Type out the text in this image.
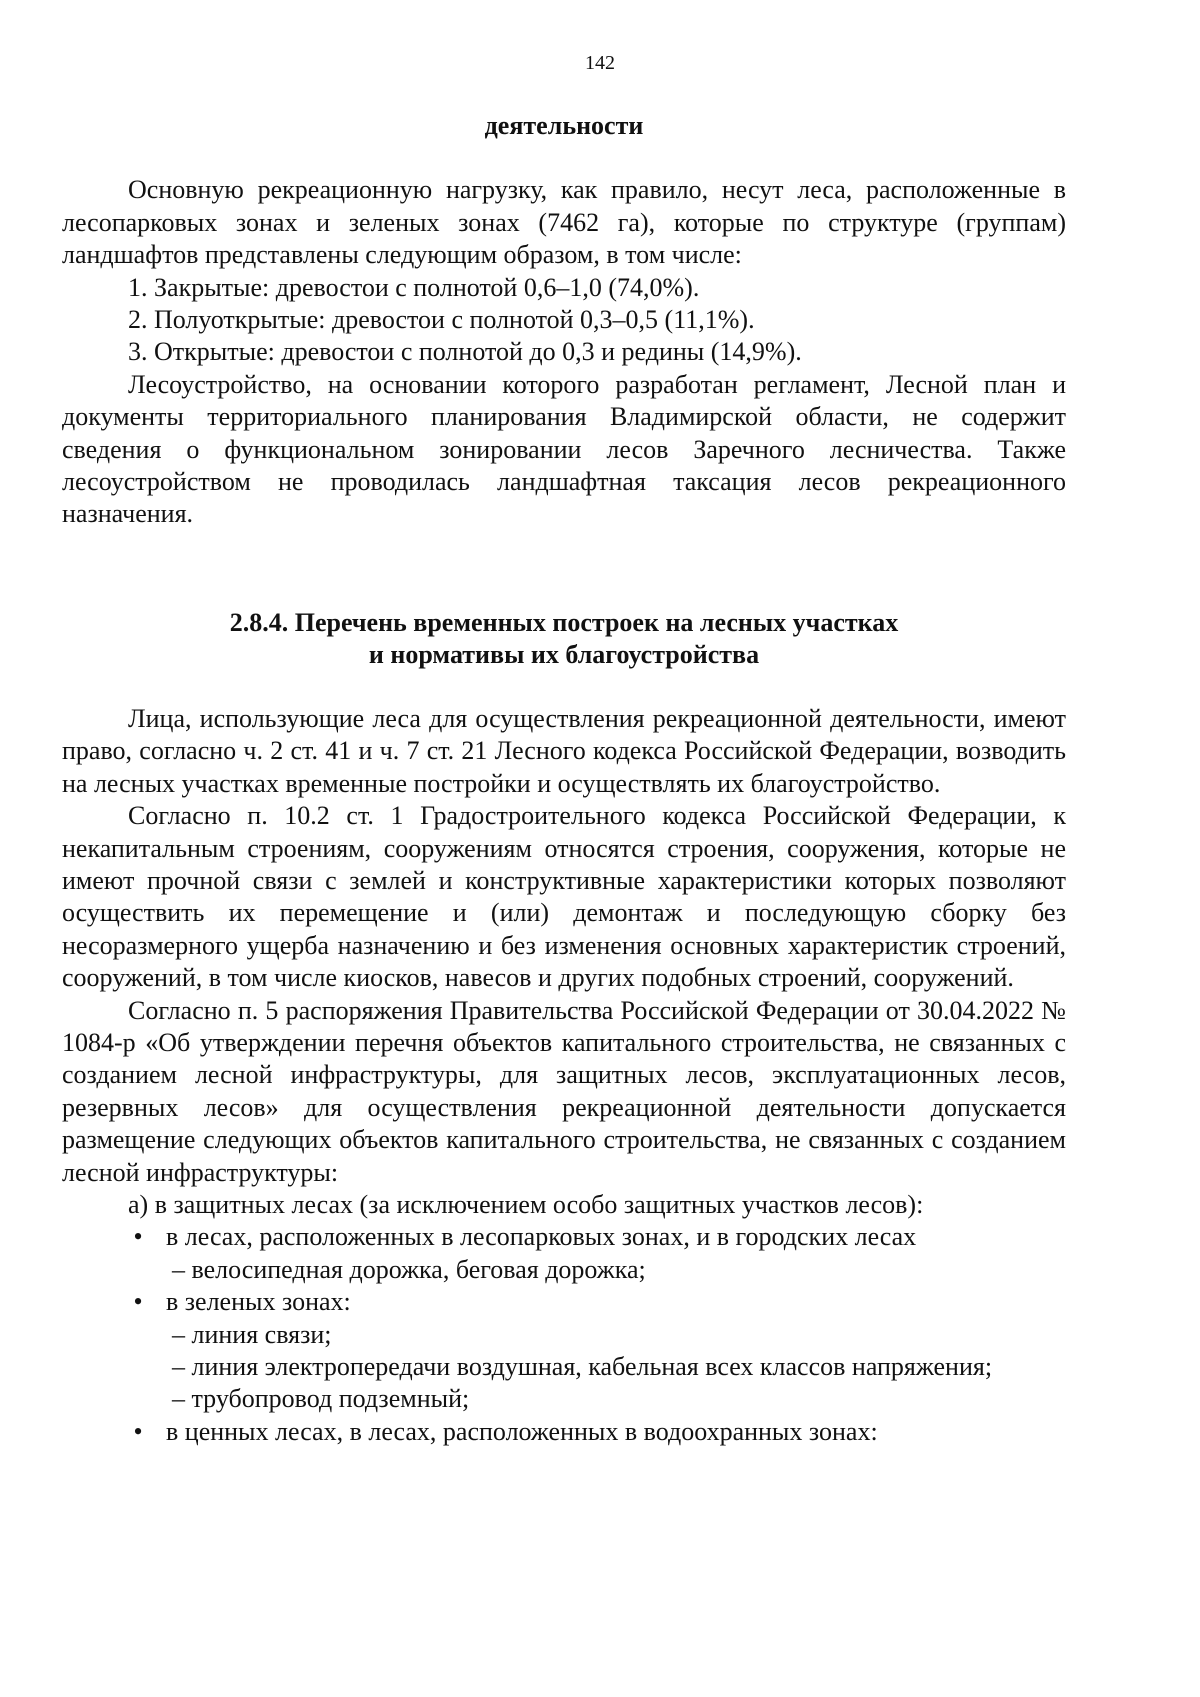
142

деятельности

Основную рекреационную нагрузку, как правило, несут леса, расположенные в лесопарковых зонах и зеленых зонах (7462 га), которые по структуре (группам) ландшафтов представлены следующим образом, в том числе:

1. Закрытые: древостои с полнотой 0,6–1,0 (74,0%).

2. Полуоткрытые: древостои с полнотой 0,3–0,5 (11,1%).

3. Открытые: древостои с полнотой до 0,3 и редины (14,9%).

Лесоустройство, на основании которого разработан регламент, Лесной план и документы территориального планирования Владимирской области, не содержит сведения о функциональном зонировании лесов Заречного лесничества. Также лесоустройством не проводилась ландшафтная таксация лесов рекреационного назначения.

2.8.4. Перечень временных построек на лесных участках

и нормативы их благоустройства

Лица, использующие леса для осуществления рекреационной деятельности, имеют право, согласно ч. 2 ст. 41 и ч. 7 ст. 21 Лесного кодекса Российской Федерации, возводить на лесных участках временные постройки и осуществлять их благоустройство.

Согласно п. 10.2 ст. 1 Градостроительного кодекса Российской Федерации, к некапитальным строениям, сооружениям относятся строения, сооружения, которые не имеют прочной связи с землей и конструктивные характеристики которых позволяют осуществить их перемещение и (или) демонтаж и последующую сборку без несоразмерного ущерба назначению и без изменения основных характеристик строений, сооружений, в том числе киосков, навесов и других подобных строений, сооружений.

Согласно п. 5 распоряжения Правительства Российской Федерации от 30.04.2022 № 1084-р «Об утверждении перечня объектов капитального строительства, не связанных с созданием лесной инфраструктуры, для защитных лесов, эксплуатационных лесов, резервных лесов» для осуществления рекреационной деятельности допускается размещение следующих объектов капитального строительства, не связанных с созданием лесной инфраструктуры:

а) в защитных лесах (за исключением особо защитных участков лесов):

• в лесах, расположенных в лесопарковых зонах, и в городских лесах

– велосипедная дорожка, беговая дорожка;

• в зеленых зонах:

– линия связи;

– линия электропередачи воздушная, кабельная всех классов напряжения;

– трубопровод подземный;

• в ценных лесах, в лесах, расположенных в водоохранных зонах:
